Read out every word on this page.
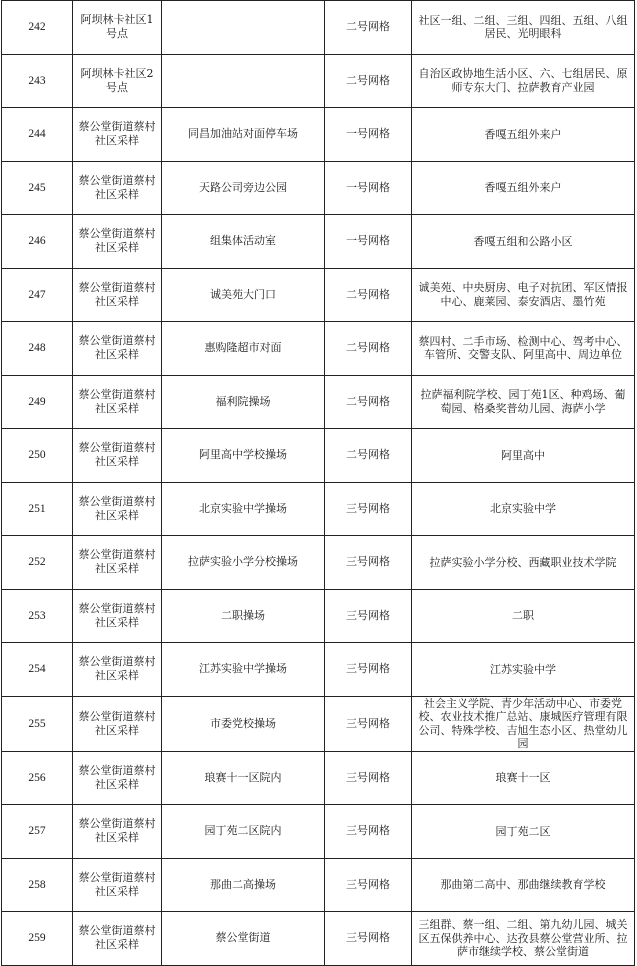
242	阿坝林卡社区1号点		二号网格	社区一组、二组、三组、四组、五组、八组居民、光明眼科
243	阿坝林卡社区2号点		二号网格	自治区政协地生活小区、六、七组居民、原师专东大门、拉萨教育产业园
244	蔡公堂街道蔡村社区采样	同昌加油站对面停车场	一号网格	香嘎五组外来户
245	蔡公堂街道蔡村社区采样	天路公司旁边公园	一号网格	香嘎五组外来户
246	蔡公堂街道蔡村社区采样	组集体活动室	一号网格	香嘎五组和公路小区
247	蔡公堂街道蔡村社区采样	诚美苑大门口	二号网格	诚美苑、中央厨房、电子对抗团、军区情报中心、鹿莱园、泰安酒店、墨竹苑
248	蔡公堂街道蔡村社区采样	惠购隆超市对面	二号网格	蔡四村、二手市场、检测中心、驾考中心、车管所、交警支队、阿里高中、周边单位
249	蔡公堂街道蔡村社区采样	福利院操场	二号网格	拉萨福利院学校、园丁苑1区、种鸡场、葡萄园、格桑奖普幼儿园、海萨小学
250	蔡公堂街道蔡村社区采样	阿里高中学校操场	二号网格	阿里高中
251	蔡公堂街道蔡村社区采样	北京实验中学操场	三号网格	北京实验中学
252	蔡公堂街道蔡村社区采样	拉萨实验小学分校操场	三号网格	拉萨实验小学分校、西藏职业技术学院
253	蔡公堂街道蔡村社区采样	二职操场	三号网格	二职
254	蔡公堂街道蔡村社区采样	江苏实验中学操场	三号网格	江苏实验中学
255	蔡公堂街道蔡村社区采样	市委党校操场	三号网格	社会主义学院、青少年活动中心、市委党校、农业技术推广总站、康城医疗管理有限公司、特殊学校、吉旭生态小区、热堂幼儿园
256	蔡公堂街道蔡村社区采样	琅赛十一区院内	三号网格	琅赛十一区
257	蔡公堂街道蔡村社区采样	园丁苑二区院内	三号网格	园丁苑二区
258	蔡公堂街道蔡村社区采样	那曲二高操场	三号网格	那曲第二高中、那曲继续教育学校
259	蔡公堂街道蔡村社区采样	蔡公堂街道	三号网格	三组群、蔡一组、二组、第九幼儿园、城关区五保供养中心、达孜县蔡公堂营业所、拉萨市继续学校、蔡公堂街道
